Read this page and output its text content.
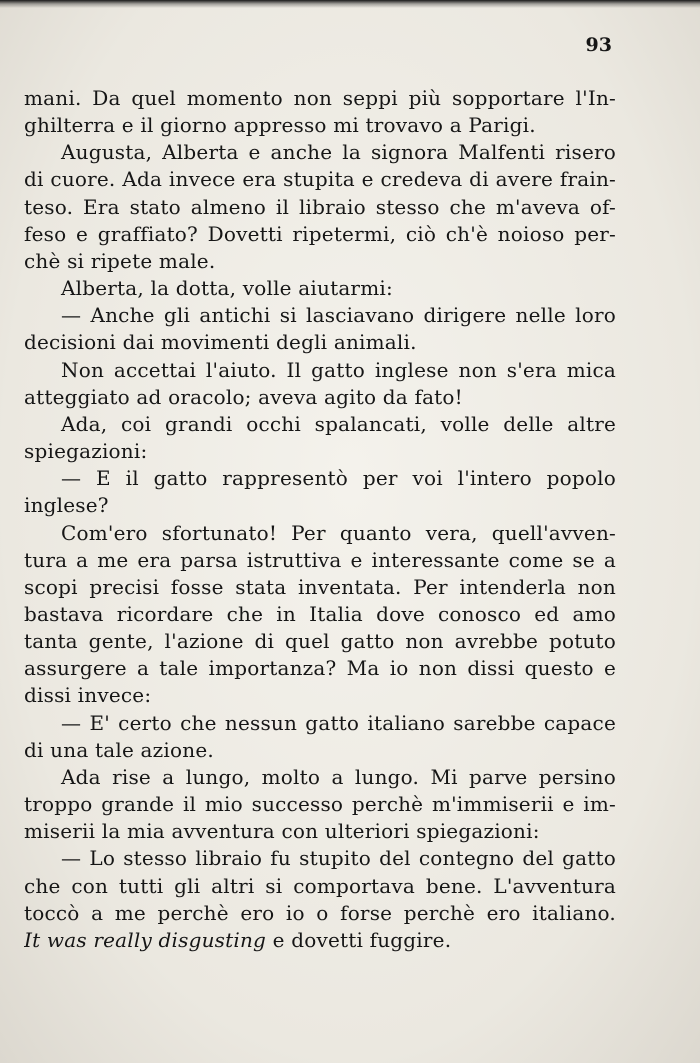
93

mani. Da quel momento non seppi più sopportare l'In-
ghilterra e il giorno appresso mi trovavo a Parigi.
Augusta, Alberta e anche la signora Malfenti risero
di cuore. Ada invece era stupita e credeva di avere frain-
teso. Era stato almeno il libraio stesso che m'aveva of-
feso e graffiato? Dovetti ripetermi, ciò ch'è noioso per-
chè si ripete male.
Alberta, la dotta, volle aiutarmi:
— Anche gli antichi si lasciavano dirigere nelle loro
decisioni dai movimenti degli animali.
Non accettai l'aiuto. Il gatto inglese non s'era mica
atteggiato ad oracolo; aveva agito da fato!
Ada, coi grandi occhi spalancati, volle delle altre
spiegazioni:
— E il gatto rappresentò per voi l'intero popolo
inglese?
Com'ero sfortunato! Per quanto vera, quell'avven-
tura a me era parsa istruttiva e interessante come se a
scopi precisi fosse stata inventata. Per intenderla non
bastava ricordare che in Italia dove conosco ed amo
tanta gente, l'azione di quel gatto non avrebbe potuto
assurgere a tale importanza? Ma io non dissi questo e
dissi invece:
— E' certo che nessun gatto italiano sarebbe capace
di una tale azione.
Ada rise a lungo, molto a lungo. Mi parve persino
troppo grande il mio successo perchè m'immiserii e im-
miserii la mia avventura con ulteriori spiegazioni:
— Lo stesso libraio fu stupito del contegno del gatto
che con tutti gli altri si comportava bene. L'avventura
toccò a me perchè ero io o forse perchè ero italiano.
It was really disgusting e dovetti fuggire.
